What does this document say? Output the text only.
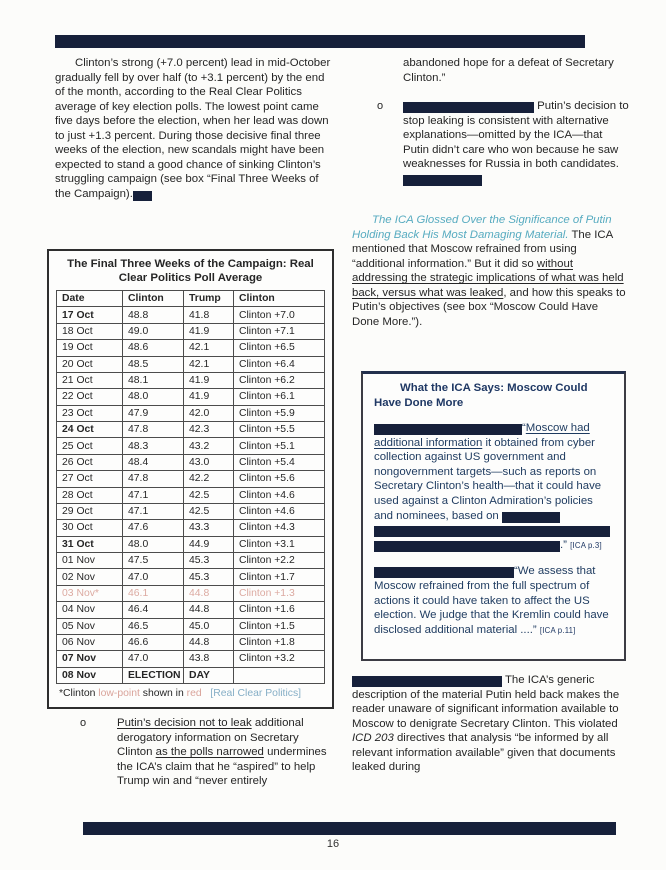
Clinton’s strong (+7.0 percent) lead in mid-October gradually fell by over half (to +3.1 percent) by the end of the month, according to the Real Clear Politics average of key election polls. The lowest point came five days before the election, when her lead was down to just +1.3 percent. During those decisive final three weeks of the election, new scandals might have been expected to stand a good chance of sinking Clinton’s struggling campaign (see box “Final Three Weeks of the Campaign).
The Final Three Weeks of the Campaign: Real Clear Politics Poll Average
Date	Clinton	Trump	Clinton
17 Oct	48.8	41.8	Clinton +7.0
18 Oct	49.0	41.9	Clinton +7.1
19 Oct	48.6	42.1	Clinton +6.5
20 Oct	48.5	42.1	Clinton +6.4
21 Oct	48.1	41.9	Clinton +6.2
22 Oct	48.0	41.9	Clinton +6.1
23 Oct	47.9	42.0	Clinton +5.9
24 Oct	47.8	42.3	Clinton +5.5
25 Oct	48.3	43.2	Clinton +5.1
26 Oct	48.4	43.0	Clinton +5.4
27 Oct	47.8	42.2	Clinton +5.6
28 Oct	47.1	42.5	Clinton +4.6
29 Oct	47.1	42.5	Clinton +4.6
30 Oct	47.6	43.3	Clinton +4.3
31 Oct	48.0	44.9	Clinton +3.1
01 Nov	47.5	45.3	Clinton +2.2
02 Nov	47.0	45.3	Clinton +1.7
03 Nov*	46.1	44.8	Clinton +1.3
04 Nov	46.4	44.8	Clinton +1.6
05 Nov	46.5	45.0	Clinton +1.5
06 Nov	46.6	44.8	Clinton +1.8
07 Nov	47.0	43.8	Clinton +3.2
08 Nov	ELECTION	DAY	
*Clinton low-point shown in red [Real Clear Politics]
o	Putin’s decision not to leak additional derogatory information on Secretary Clinton as the polls narrowed undermines the ICA’s claim that he “aspired” to help Trump win and “never entirely
abandoned hope for a defeat of Secretary Clinton.”
o	Putin’s decision to stop leaking is consistent with alternative explanations—omitted by the ICA—that Putin didn’t care who won because he saw weaknesses for Russia in both candidates.
The ICA Glossed Over the Significance of Putin Holding Back His Most Damaging Material. The ICA mentioned that Moscow refrained from using “additional information.” But it did so without addressing the strategic implications of what was held back, versus what was leaked, and how this speaks to Putin’s objectives (see box “Moscow Could Have Done More.”).
What the ICA Says: Moscow Could Have Done More
“Moscow had additional information it obtained from cyber collection against US government and nongovernment targets—such as reports on Secretary Clinton’s health—that it could have used against a Clinton Admiration’s policies and nominees, based on   .” [ICA p.3]
“We assess that Moscow refrained from the full spectrum of actions it could have taken to affect the US election. We judge that the Kremlin could have disclosed additional material ....” [ICA p.11]
The ICA’s generic description of the material Putin held back makes the reader unaware of significant information available to Moscow to denigrate Secretary Clinton. This violated ICD 203 directives that analysis “be informed by all relevant information available” given that documents leaked during
16
